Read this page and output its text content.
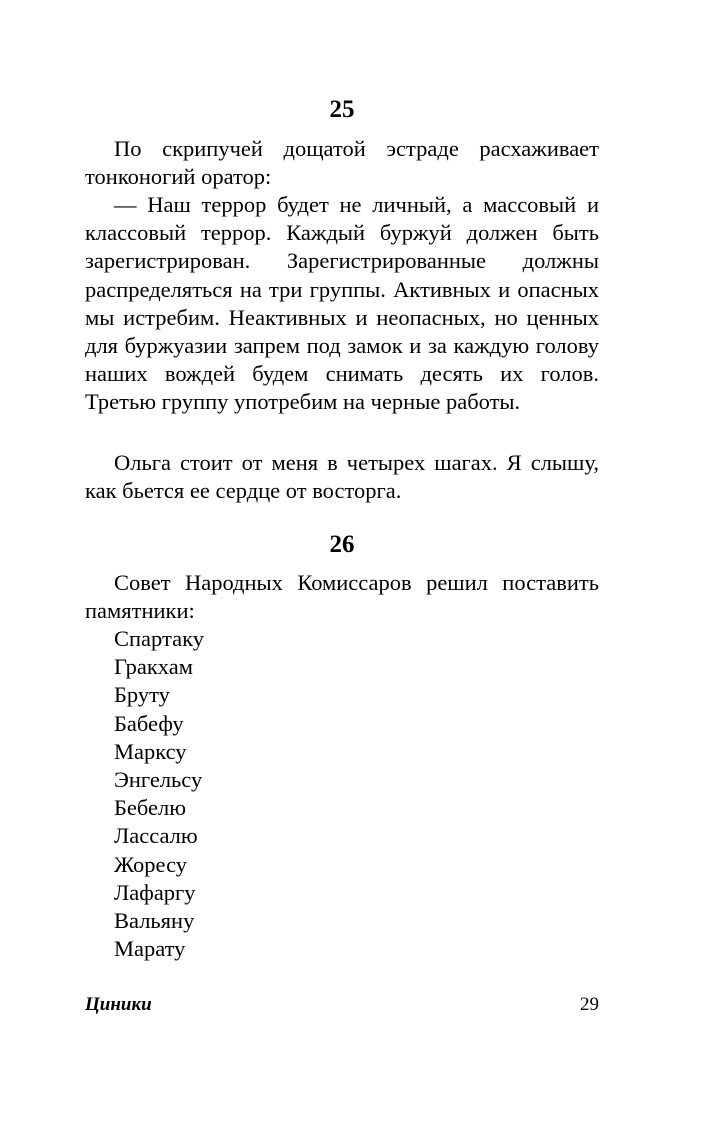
25

По скрипучей дощатой эстраде расхаживает тонконогий оратор:

— Наш террор будет не личный, а массовый и классовый террор. Каждый буржуй должен быть зарегистрирован. Зарегистрированные должны распределяться на три группы. Активных и опасных мы истребим. Неактивных и неопасных, но ценных для буржуазии запрем под замок и за каждую голову наших вождей будем снимать десять их голов. Третью группу употребим на черные работы.

Ольга стоит от меня в четырех шагах. Я слышу, как бьется ее сердце от восторга.

26

Совет Народных Комиссаров решил поставить памятники:

Спартаку
Гракхам
Бруту
Бабефу
Марксу
Энгельсу
Бебелю
Лассалю
Жоресу
Лафаргу
Вальяну
Марату
Циники	29
